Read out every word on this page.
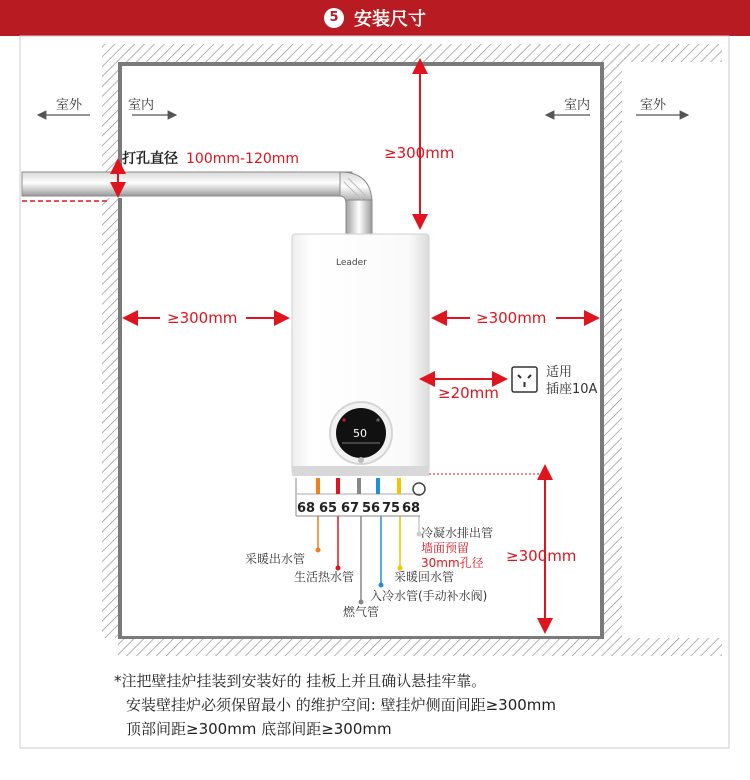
5 安装尺寸
室外	室内	室内	室外
打孔直径 100mm-120mm	≥300mm
Leader
50
≥300mm	≥300mm
≥20mm
适用
插座10A
≥300mm
68 65 67 56 75 68
采暖出水管
生活热水管
燃气管
入冷水管(手动补水阀)
采暖回水管
冷凝水排出管
墙面预留
30mm孔径
*注把壁挂炉挂装到安装好的 挂板上并且确认悬挂牢靠。
安装壁挂炉必须保留最小 的维护空间: 壁挂炉侧面间距≥300mm
顶部间距≥300mm 底部间距≥300mm
